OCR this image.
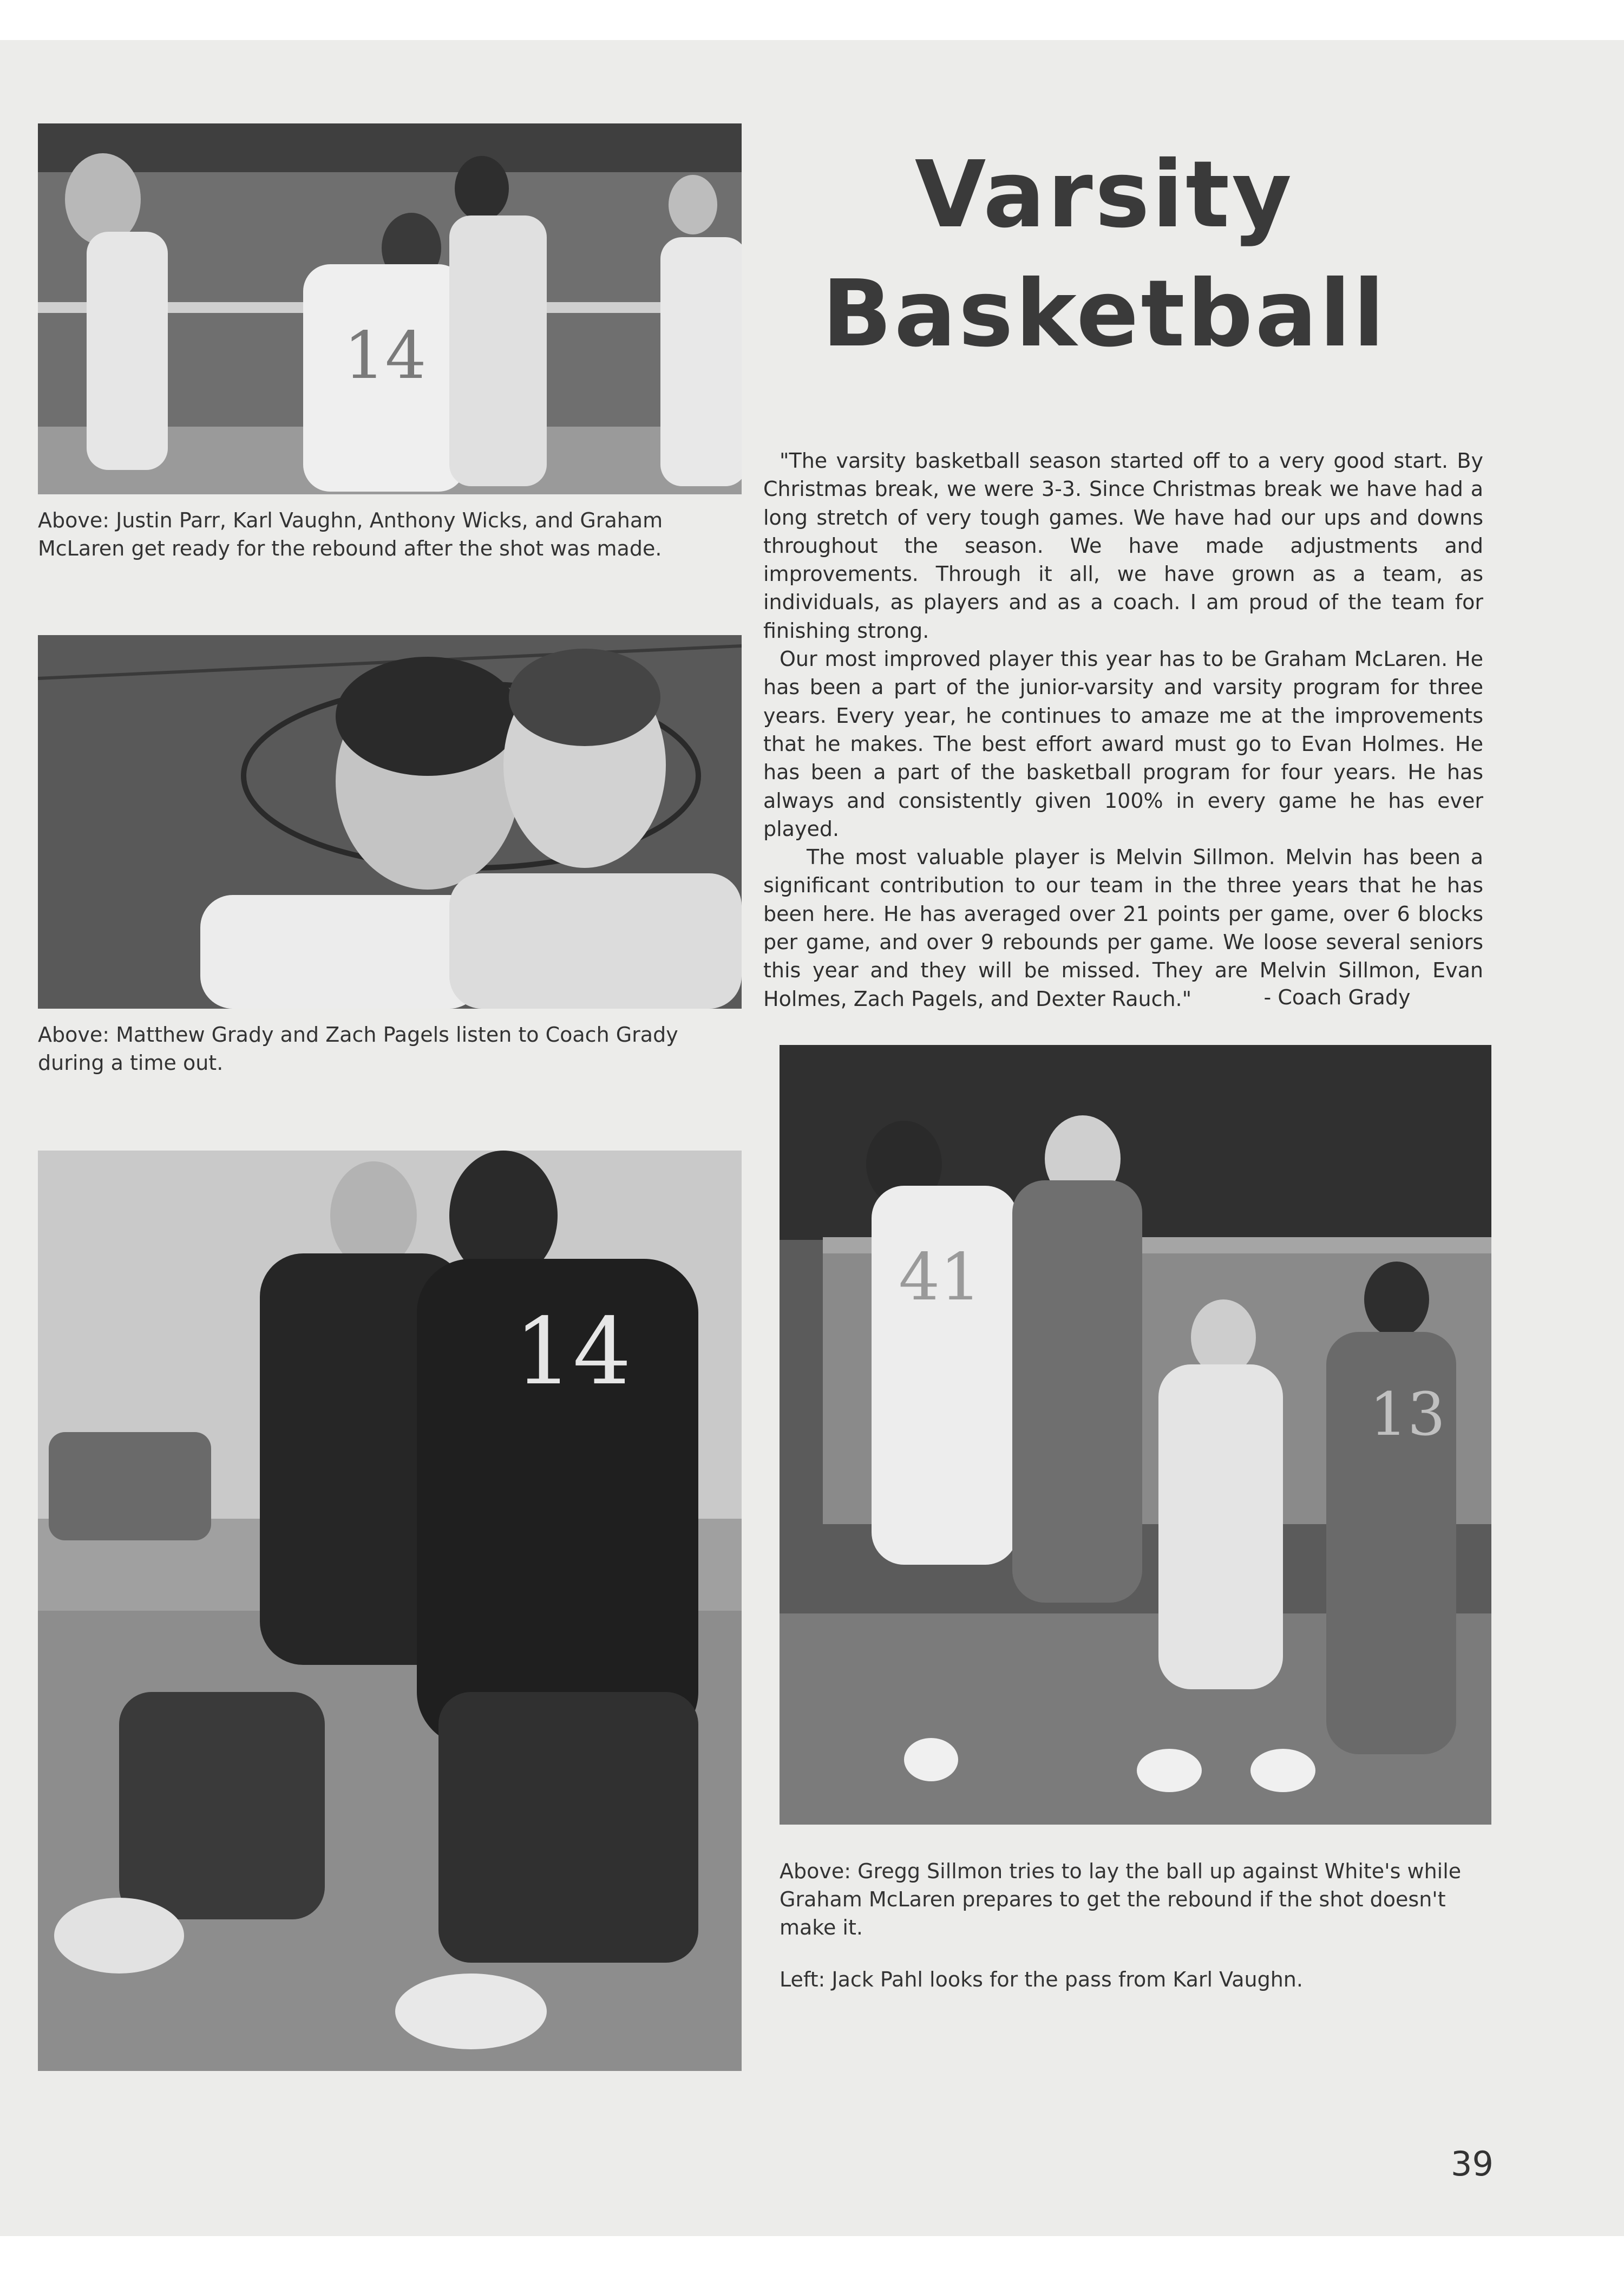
14
Above: Justin Parr, Karl Vaughn, Anthony Wicks, and Graham McLaren get ready for the rebound after the shot was made.
Above: Matthew Grady and Zach Pagels listen to Coach Grady during a time out.
14
Varsity
Basketball

"The varsity basketball season started off to a very good start. By Christmas break, we were 3-3. Since Christmas break we have had a long stretch of very tough games. We have had our ups and downs throughout the season. We have made adjustments and improvements. Through it all, we have grown as a team, as individuals, as players and as a coach. I am proud of the team for finishing strong.

Our most improved player this year has to be Graham McLaren. He has been a part of the junior-varsity and varsity program for three years. Every year, he continues to amaze me at the improvements that he makes. The best effort award must go to Evan Holmes. He has been a part of the basketball program for four years. He has always and consistently given 100% in every game he has ever played.

The most valuable player is Melvin Sillmon. Melvin has been a significant contribution to our team in the three years that he has been here. He has averaged over 21 points per game, over 6 blocks per game, and over 9 rebounds per game. We loose several seniors this year and they will be missed. They are Melvin Sillmon, Evan Holmes, Zach Pagels, and Dexter Rauch."	- Coach Grady
41
13
Above: Gregg Sillmon tries to lay the ball up against White's while Graham McLaren prepares to get the rebound if the shot doesn't make it.
Left: Jack Pahl looks for the pass from Karl Vaughn.
39
